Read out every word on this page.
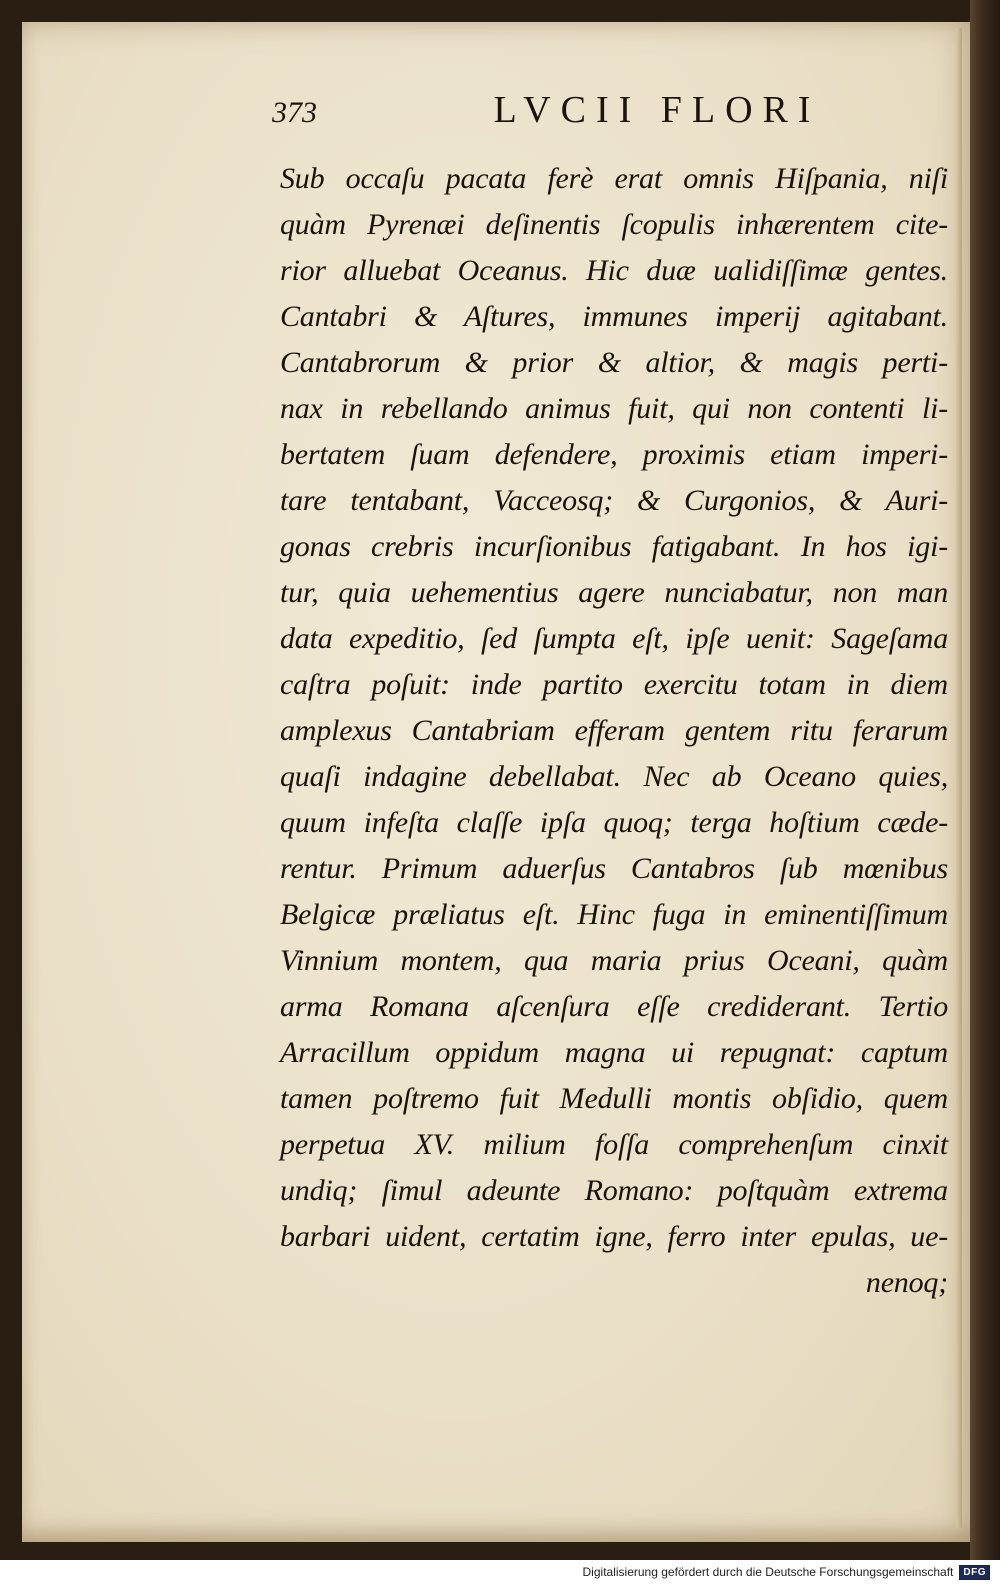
373	LVCII FLORI
Sub occaſu pacata ferè erat omnis Hiſpania, niſi
quàm Pyrenæi deſinentis ſcopulis inhærentem cite-
rior alluebat Oceanus. Hic duæ ualidiſſimæ gentes.
Cantabri & Aſtures, immunes imperij agitabant.
Cantabrorum & prior & altior, & magis perti-
nax in rebellando animus fuit, qui non contenti li-
bertatem ſuam defendere, proximis etiam imperi-
tare tentabant, Vacceosq; & Curgonios, & Auri-
gonas crebris incurſionibus fatigabant. In hos igi-
tur, quia uehementius agere nunciabatur, non man
data expeditio, ſed ſumpta eſt, ipſe uenit: Sageſama
caſtra poſuit: inde partito exercitu totam in diem
amplexus Cantabriam efferam gentem ritu ferarum
quaſi indagine debellabat. Nec ab Oceano quies,
quum infeſta claſſe ipſa quoq; terga hoſtium cæde-
rentur. Primum aduerſus Cantabros ſub mœnibus
Belgicæ præliatus eſt. Hinc fuga in eminentiſſimum
Vinnium montem, qua maria prius Oceani, quàm
arma Romana aſcenſura eſſe crediderant. Tertio
Arracillum oppidum magna ui repugnat: captum
tamen poſtremo fuit Medulli montis obſidio, quem
perpetua XV. milium foſſa comprehenſum cinxit
undiq; ſimul adeunte Romano: poſtquàm extrema
barbari uident, certatim igne, ferro inter epulas, ue-
nenoq;
Digitalisierung gefördert durch die Deutsche Forschungsgemeinschaft	DFG
